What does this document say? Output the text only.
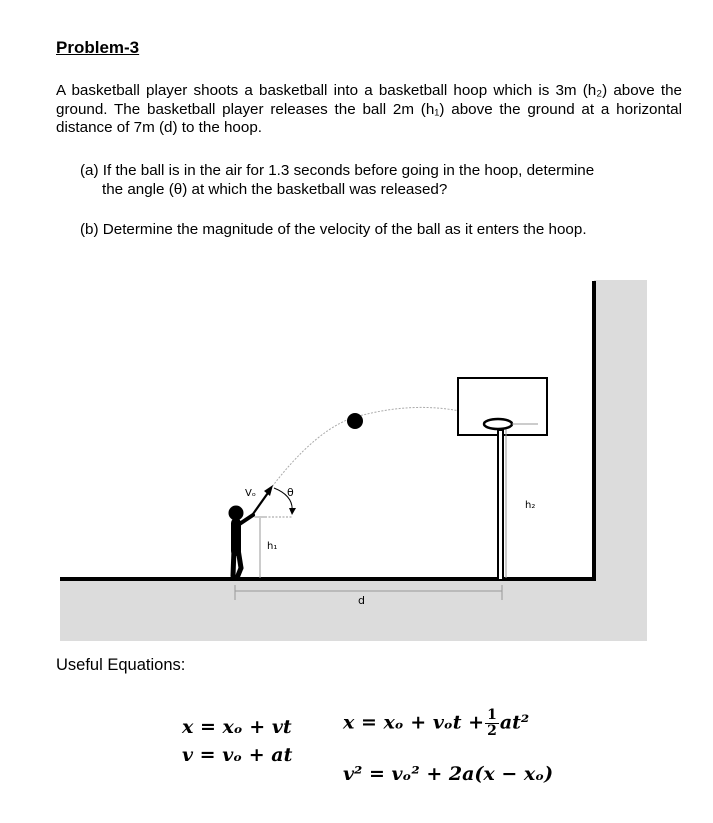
Problem-3
A basketball player shoots a basketball into a basketball hoop which is 3m (h₂) above the ground. The basketball player releases the ball 2m (h₁) above the ground at a horizontal distance of 7m (d) to the hoop.
(a) If the ball is in the air for 1.3 seconds before going in the hoop, determine
the angle (θ) at which the basketball was released?
(b) Determine the magnitude of the velocity of the ball as it enters the hoop.
d
h₁
Vₒ	θ
h₂
Useful Equations:
x = xₒ + vt
v = vₒ + at
$x = x_o + v_ot + \frac{1}{2} at^2$
v² = vₒ² + 2a(x − xₒ)
